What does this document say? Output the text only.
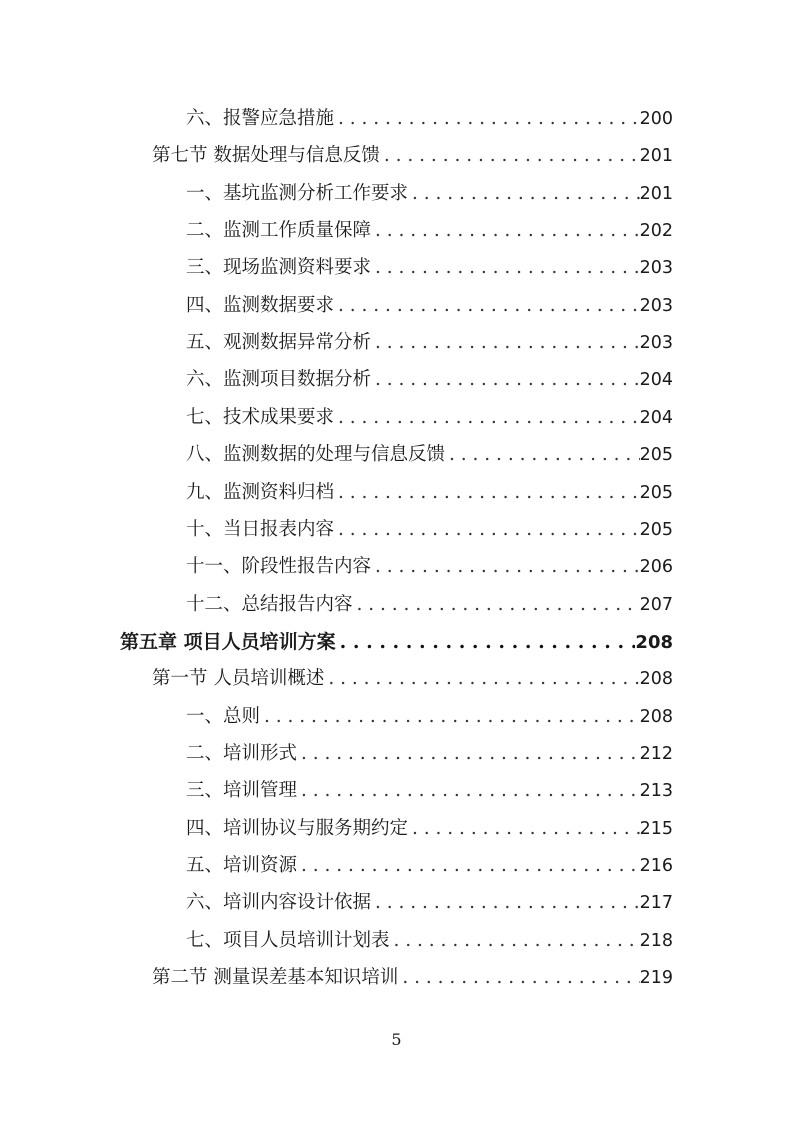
六、报警应急措施 . . .	200
第七节 数据处理与信息反馈 . . .	201
一、基坑监测分析工作要求 . . .	201
二、监测工作质量保障 . . .	202
三、现场监测资料要求 . . .	203
四、监测数据要求 . . .	203
五、观测数据异常分析 . . .	203
六、监测项目数据分析 . . .	204
七、技术成果要求 . . .	204
八、监测数据的处理与信息反馈 . . .	205
九、监测资料归档 . . .	205
十、当日报表内容 . . .	205
十一、阶段性报告内容 . . .	206
十二、总结报告内容 . . .	207
第五章 项目人员培训方案 . . .	208
第一节 人员培训概述 . . .	208
一、总则 . . .	208
二、培训形式 . . .	212
三、培训管理 . . .	213
四、培训协议与服务期约定 . . .	215
五、培训资源 . . .	216
六、培训内容设计依据 . . .	217
七、项目人员培训计划表 . . .	218
第二节 测量误差基本知识培训 . . .	219
5
